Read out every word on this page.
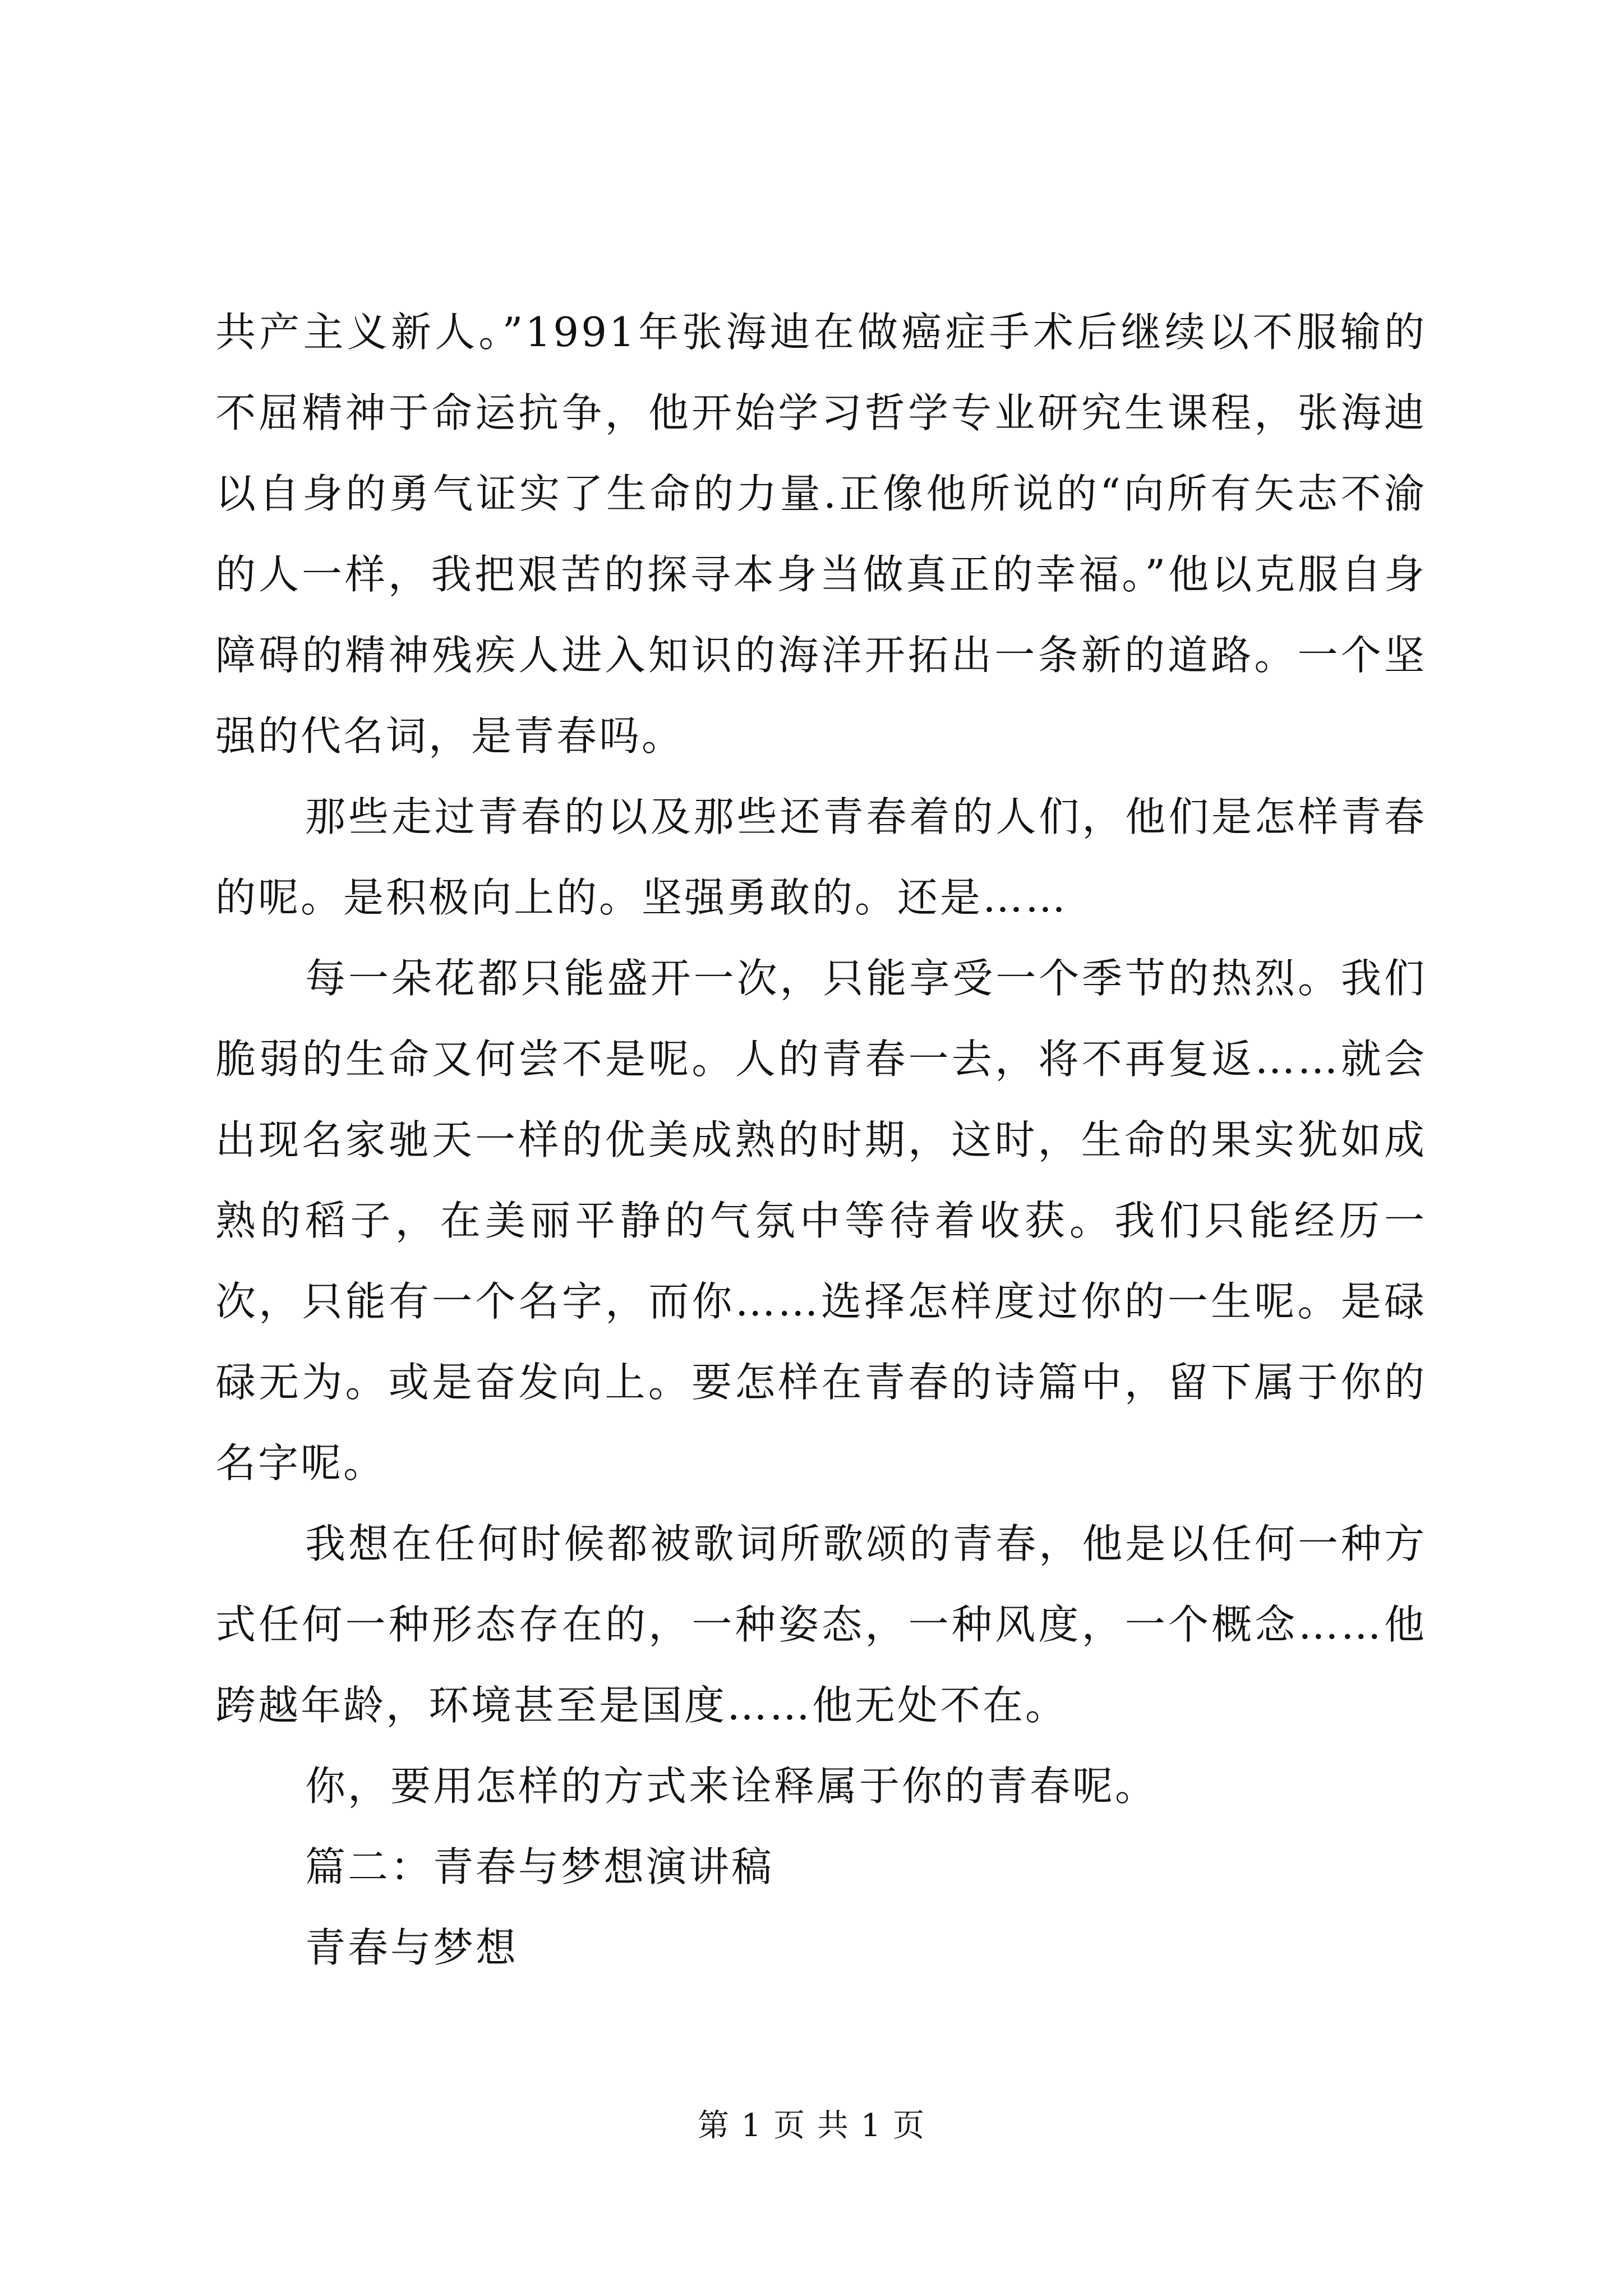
共产主义新人。”1991年张海迪在做癌症手术后继续以不服输的不屈精神于命运抗争，他开始学习哲学专业研究生课程，张海迪以自身的勇气证实了生命的力量.正像他所说的“向所有矢志不渝的人一样，我把艰苦的探寻本身当做真正的幸福。”他以克服自身障碍的精神残疾人进入知识的海洋开拓出一条新的道路。一个坚强的代名词，是青春吗。

那些走过青春的以及那些还青春着的人们，他们是怎样青春的呢。是积极向上的。坚强勇敢的。还是……

每一朵花都只能盛开一次，只能享受一个季节的热烈。我们脆弱的生命又何尝不是呢。人的青春一去，将不再复返……就会出现名家驰天一样的优美成熟的时期，这时，生命的果实犹如成熟的稻子，在美丽平静的气氛中等待着收获。我们只能经历一次，只能有一个名字，而你……选择怎样度过你的一生呢。是碌碌无为。或是奋发向上。要怎样在青春的诗篇中，留下属于你的名字呢。

我想在任何时候都被歌词所歌颂的青春，他是以任何一种方式任何一种形态存在的，一种姿态，一种风度，一个概念……他跨越年龄，环境甚至是国度……他无处不在。

你，要用怎样的方式来诠释属于你的青春呢。

篇二：青春与梦想演讲稿

青春与梦想

第 1 页 共 1 页
